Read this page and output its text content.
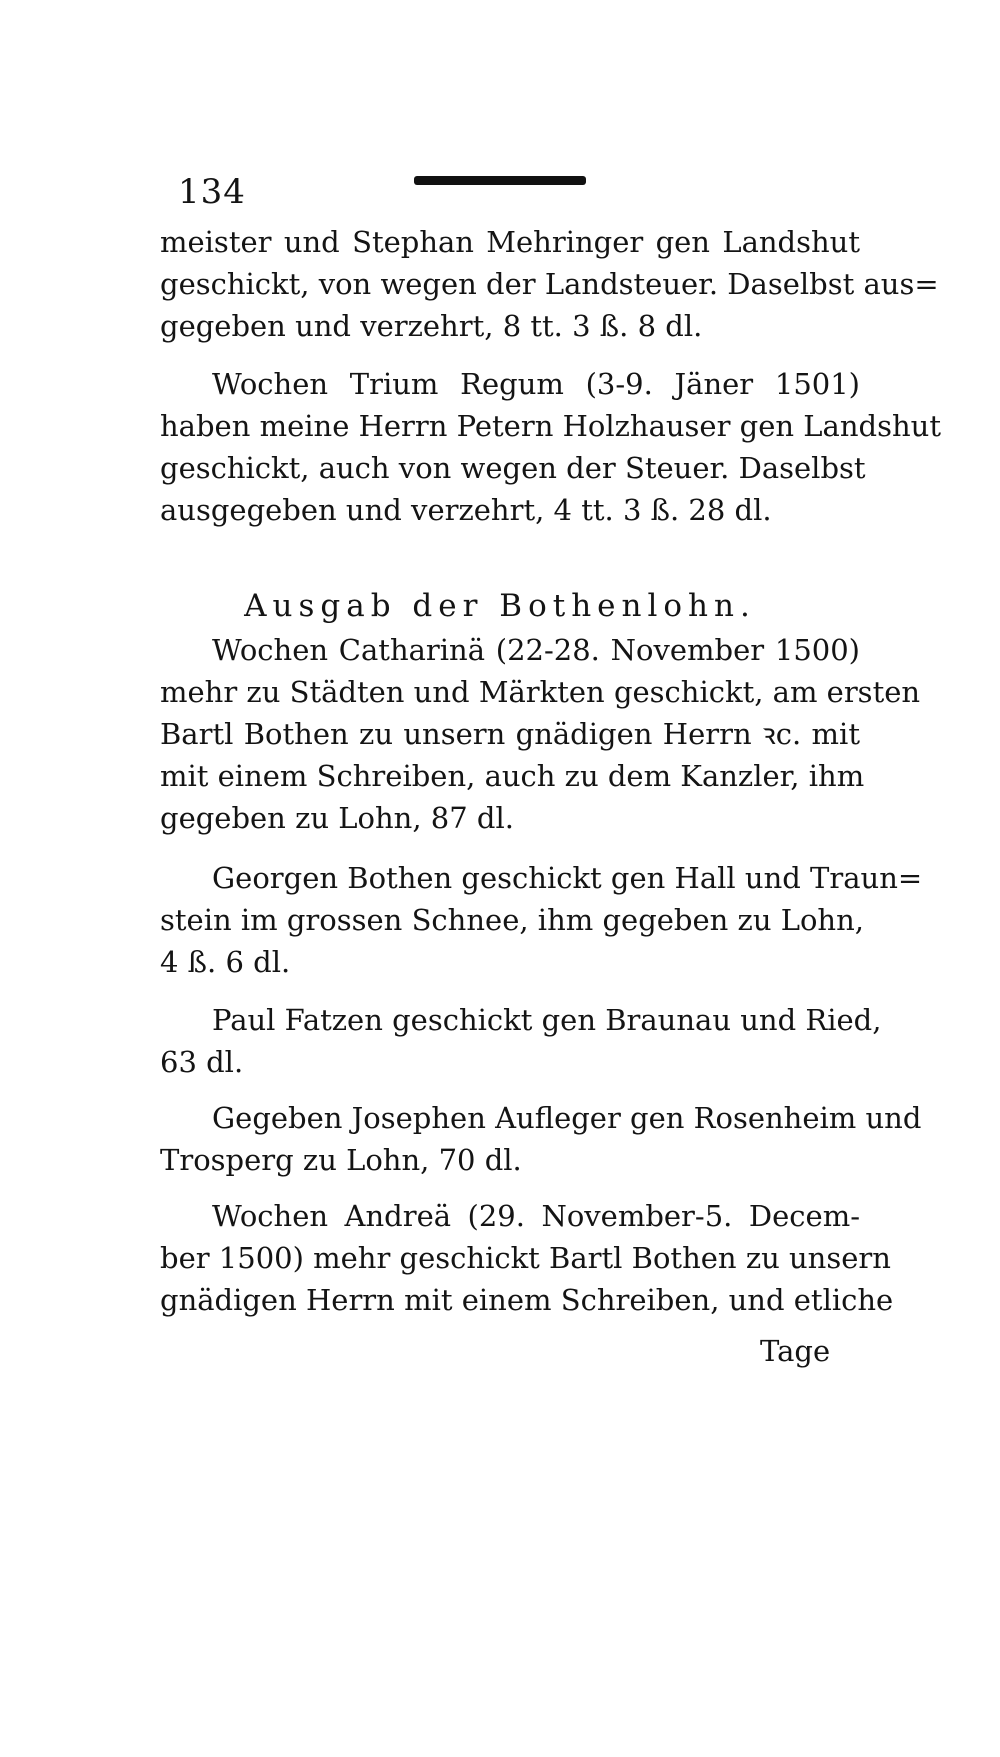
134
meister und Stephan Mehringer gen Landshut
geschickt, von wegen der Landsteuer. Daselbst aus=
gegeben und verzehrt, 8 tt. 3 ß. 8 dl.
Wochen Trium Regum (3-9. Jäner 1501)
haben meine Herrn Petern Holzhauser gen Landshut
geschickt, auch von wegen der Steuer. Daselbst
ausgegeben und verzehrt, 4 tt. 3 ß. 28 dl.
Ausgab der Bothenlohn.
Wochen Catharinä (22-28. November 1500)
mehr zu Städten und Märkten geschickt, am ersten
Bartl Bothen zu unsern gnädigen Herrn ꝛc. mit
mit einem Schreiben, auch zu dem Kanzler, ihm
gegeben zu Lohn, 87 dl.
Georgen Bothen geschickt gen Hall und Traun=
stein im grossen Schnee, ihm gegeben zu Lohn,
4 ß. 6 dl.
Paul Fatzen geschickt gen Braunau und Ried,
63 dl.
Gegeben Josephen Aufleger gen Rosenheim und
Trosperg zu Lohn, 70 dl.
Wochen Andreä (29. November-5. Decem-
ber 1500) mehr geschickt Bartl Bothen zu unsern
gnädigen Herrn mit einem Schreiben, und etliche
Tage
